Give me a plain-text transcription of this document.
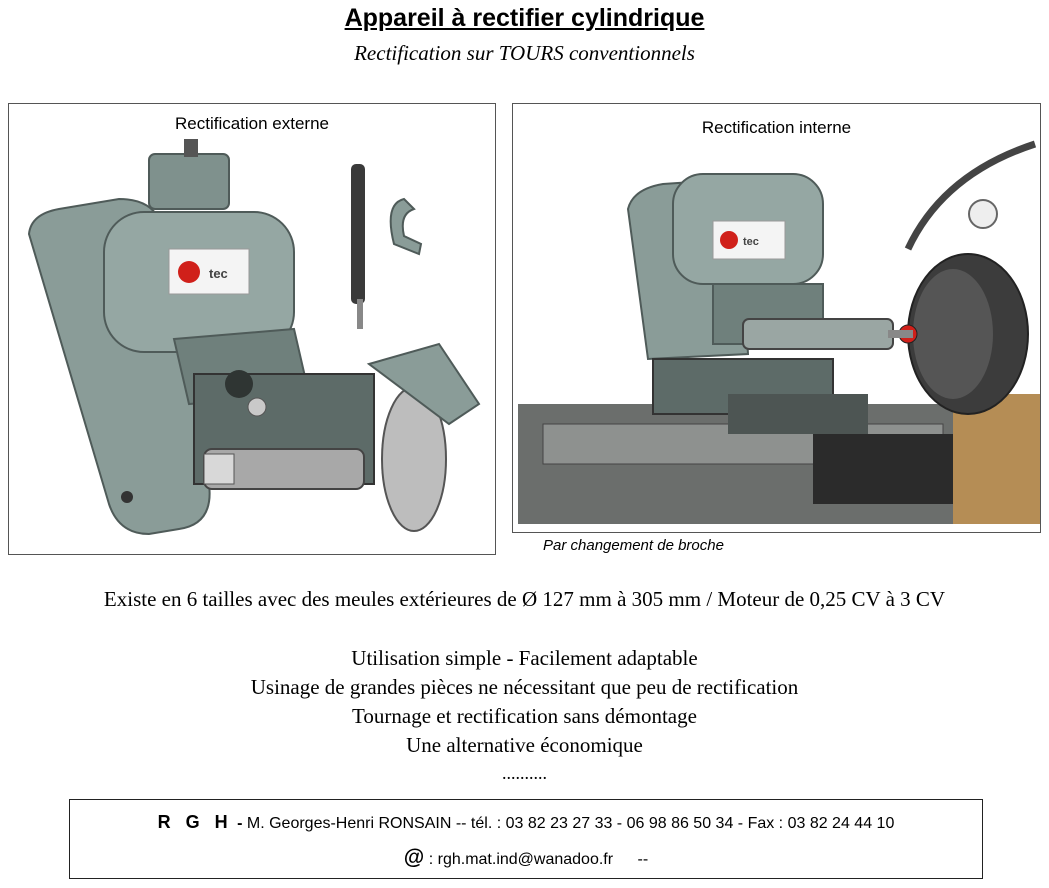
Appareil à rectifier cylindrique
Rectification sur TOURS conventionnels
Rectification externe
tec
Rectification interne
tec
Par changement de broche
Existe en 6 tailles avec des meules extérieures de Ø 127 mm à 305 mm / Moteur de 0,25 CV à 3 CV
Utilisation simple - Facilement adaptable
Usinage de grandes pièces ne nécessitant que peu de rectification
Tournage et rectification sans démontage
Une alternative économique
..........
R G H - M. Georges-Henri RONSAIN -- tél. : 03 82 23 27 33 - 06 98 86 50 34 - Fax : 03 82 24 44 10
@ : rgh.mat.ind@wanadoo.fr --
